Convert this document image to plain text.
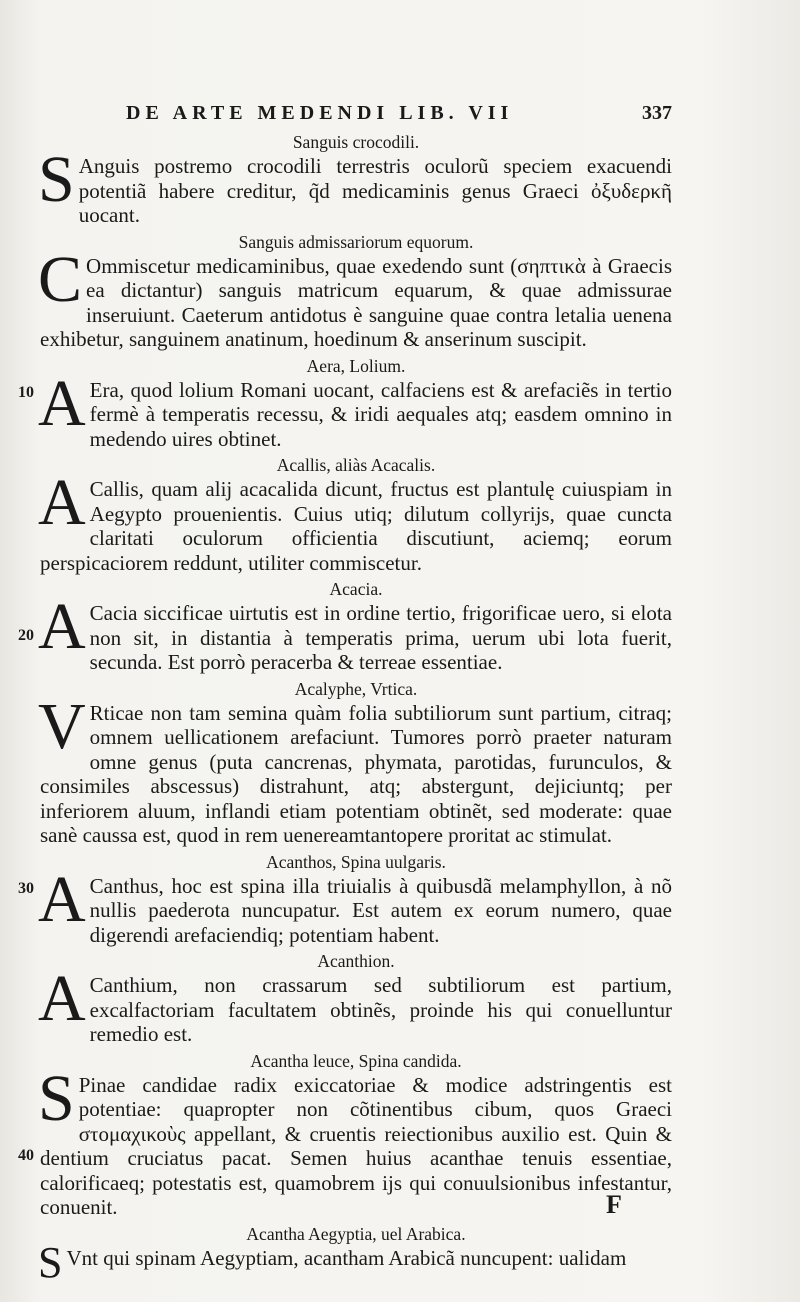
DE ARTE MEDENDI LIB. VII	337
Sanguis crocodili.
S Anguis postremo crocodili terrestris oculorũ speciem exacuendi potentiã habere creditur, q̃d medicaminis genus Graeci ὀξυδερκῆ uocant.
Sanguis admissariorum equorum.
C Ommiscetur medicaminibus, quae exedendo sunt (σηπτικὰ à Graecis ea dictantur) sanguis matricum equarum, & quae admissurae inseruiunt. Caeterum antidotus è sanguine quae contra letalia uenena exhibetur, sanguinem anatinum, hoedinum & anserinum suscipit.
10
Aera, Lolium.
A Era, quod lolium Romani uocant, calfaciens est & arefaciẽs in tertio fermè à temperatis recessu, & iridi aequales atq; easdem omnino in medendo uires obtinet.
Acallis, aliàs Acacalis.
A Callis, quam alij acacalida dicunt, fructus est plantulę cuiuspiam in Aegypto prouenientis. Cuius utiq; dilutum collyrijs, quae cuncta claritati oculorum officientia discutiunt, aciemq; eorum perspicaciorem reddunt, utiliter commiscetur.
20
Acacia.
A Cacia siccificae uirtutis est in ordine tertio, frigorificae uero, si elota non sit, in distantia à temperatis prima, uerum ubi lota fuerit, secunda. Est porrò peracerba & terreae essentiae.
Acalyphe, Vrtica.
V Rticae non tam semina quàm folia subtiliorum sunt partium, citraq; omnem uellicationem arefaciunt. Tumores porrò praeter naturam omne genus (puta cancrenas, phymata, parotidas, furunculos, & consimiles abscessus) distrahunt, atq; abstergunt, dejiciuntq; per inferiorem aluum, inflandi etiam potentiam obtinẽt, sed moderate: quae sanè caussa est, quod in rem uenereamtantopere proritat ac stimulat.
30
Acanthos, Spina uulgaris.
A Canthus, hoc est spina illa triuialis à quibusdã melamphyllon, à nõ nullis paederota nuncupatur. Est autem ex eorum numero, quae digerendi arefaciendiq; potentiam habent.
Acanthion.
A Canthium, non crassarum sed subtiliorum est partium, excalfactoriam facultatem obtinẽs, proinde his qui conuelluntur remedio est.
40
Acantha leuce, Spina candida.
S Pinae candidae radix exiccatoriae & modice adstringentis est potentiae: quapropter non cõtinentibus cibum, quos Graeci στομαχικοὺς appellant, & cruentis reiectionibus auxilio est. Quin & dentium cruciatus pacat. Semen huius acanthae tenuis essentiae, calorificaeq; potestatis est, quamobrem ijs qui conuulsionibus infestantur, conuenit.
Acantha Aegyptia, uel Arabica.
S Vnt qui spinam Aegyptiam, acantham Arabicã nuncupent: ualidam
F
